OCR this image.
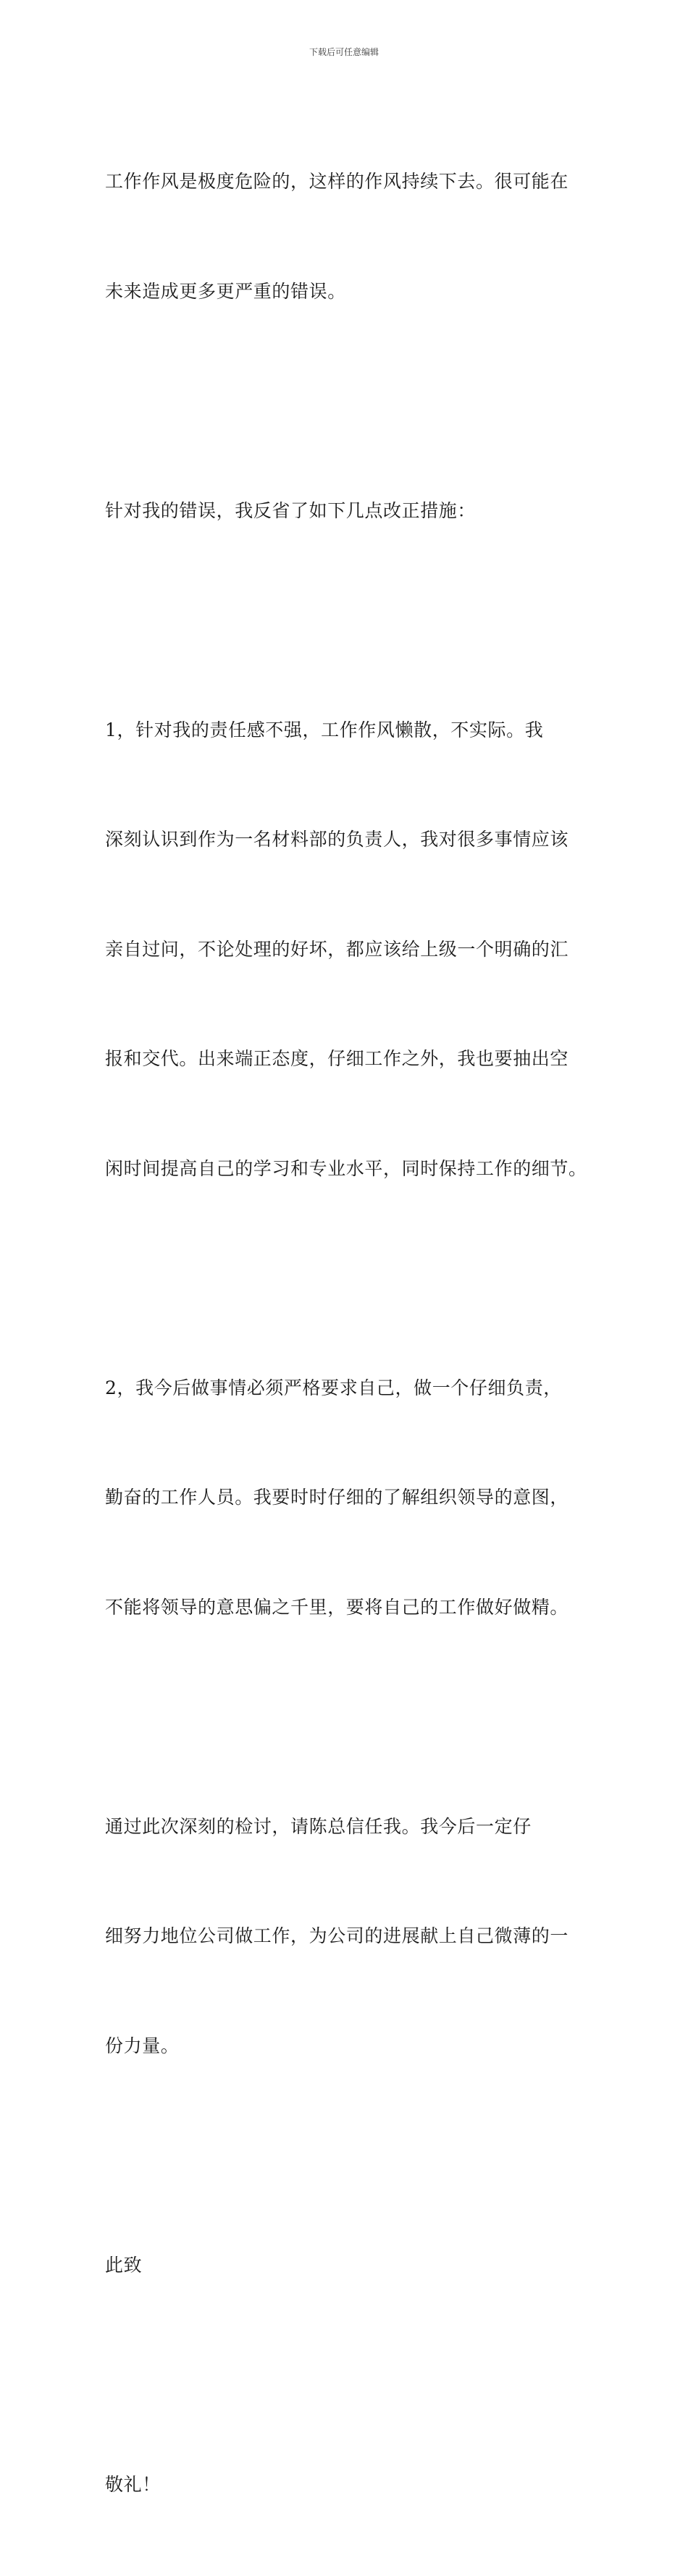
下载后可任意编辑

工作作风是极度危险的，这样的作风持续下去。很可能在

未来造成更多更严重的错误。

针对我的错误，我反省了如下几点改正措施：

1，针对我的责任感不强，工作作风懒散，不实际。我

深刻认识到作为一名材料部的负责人，我对很多事情应该

亲自过问，不论处理的好坏，都应该给上级一个明确的汇

报和交代。出来端正态度，仔细工作之外，我也要抽出空

闲时间提高自己的学习和专业水平，同时保持工作的细节。

2，我今后做事情必须严格要求自己，做一个仔细负责，

勤奋的工作人员。我要时时仔细的了解组织领导的意图，

不能将领导的意思偏之千里，要将自己的工作做好做精。

通过此次深刻的检讨，请陈总信任我。我今后一定仔

细努力地位公司做工作，为公司的进展献上自己微薄的一

份力量。

此致

敬礼！
